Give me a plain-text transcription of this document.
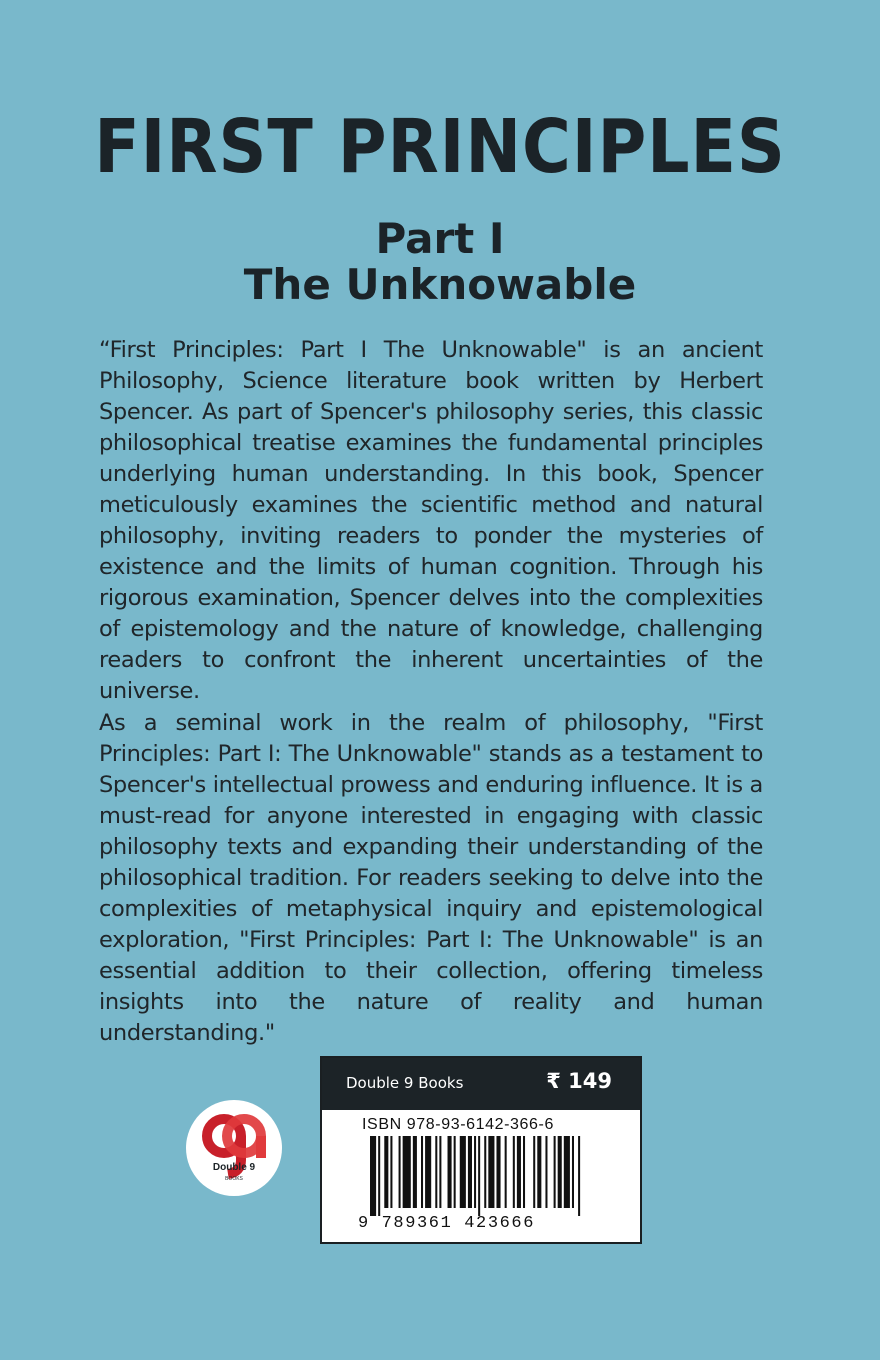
FIRST PRINCIPLES
Part I
The Unknowable

“First Principles: Part I The Unknowable" is an ancient Philosophy, Science literature book written by Herbert Spencer. As part of Spencer's philosophy series, this classic philosophical treatise examines the fundamental principles underlying human understanding. In this book, Spencer meticulously examines the scientific method and natural philosophy, inviting readers to ponder the mysteries of existence and the limits of human cognition. Through his rigorous examination, Spencer delves into the complexities of epistemology and the nature of knowledge, challenging readers to confront the inherent uncertainties of the universe.

As a seminal work in the realm of philosophy, "First Principles: Part I: The Unknowable" stands as a testament to Spencer's intellectual prowess and enduring influence. It is a must-read for anyone interested in engaging with classic philosophy texts and expanding their understanding of the philosophical tradition. For readers seeking to delve into the complexities of metaphysical inquiry and epistemological exploration, "First Principles: Part I: The Unknowable" is an essential addition to their collection, offering timeless insights into the nature of reality and human understanding."

Double 9
BOOKS
Double 9 Books	₹ 149
ISBN 978-93-6142-366-6
9 789361 423666
